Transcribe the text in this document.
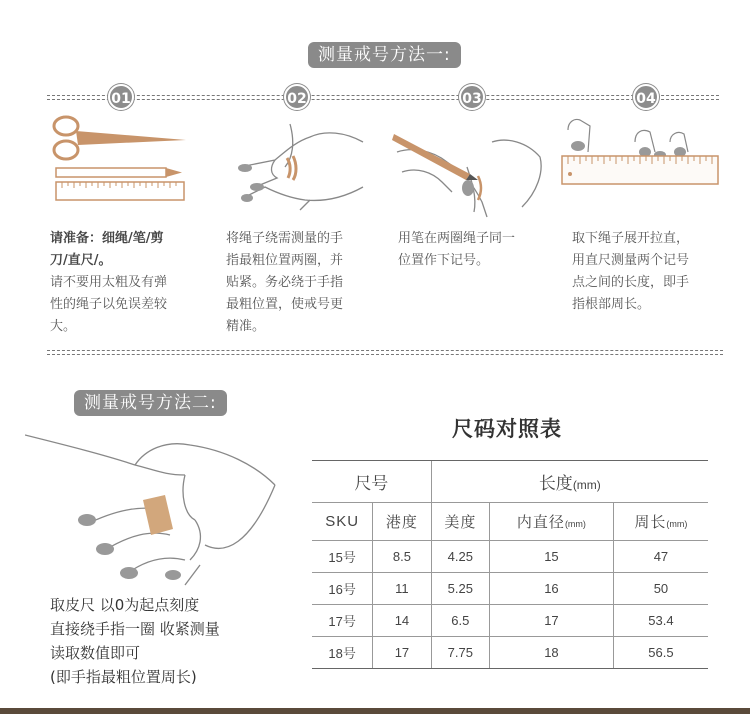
测量戒号方法一:
01	02	03	04
请准备：细绳/笔/剪
刀/直尺/。
请不要用太粗及有弹
性的绳子以免误差较
大。
将绳子绕需测量的手
指最粗位置两圈，并
贴紧。务必绕于手指
最粗位置，使戒号更
精准。
用笔在两圈绳子同一
位置作下记号。
取下绳子展开拉直，
用直尺测量两个记号
点之间的长度，即手
指根部周长。
测量戒号方法二:
取皮尺 以0为起点刻度
直接绕手指一圈 收紧测量
读取数值即可
(即手指最粗位置周长)
尺码对照表
尺号		长度(mm)		
SKU	港度	美度	内直径(mm)	周长(mm)
15号	8.5	4.25	15	47
16号	11	5.25	16	50
17号	14	6.5	17	53.4
18号	17	7.75	18	56.5
